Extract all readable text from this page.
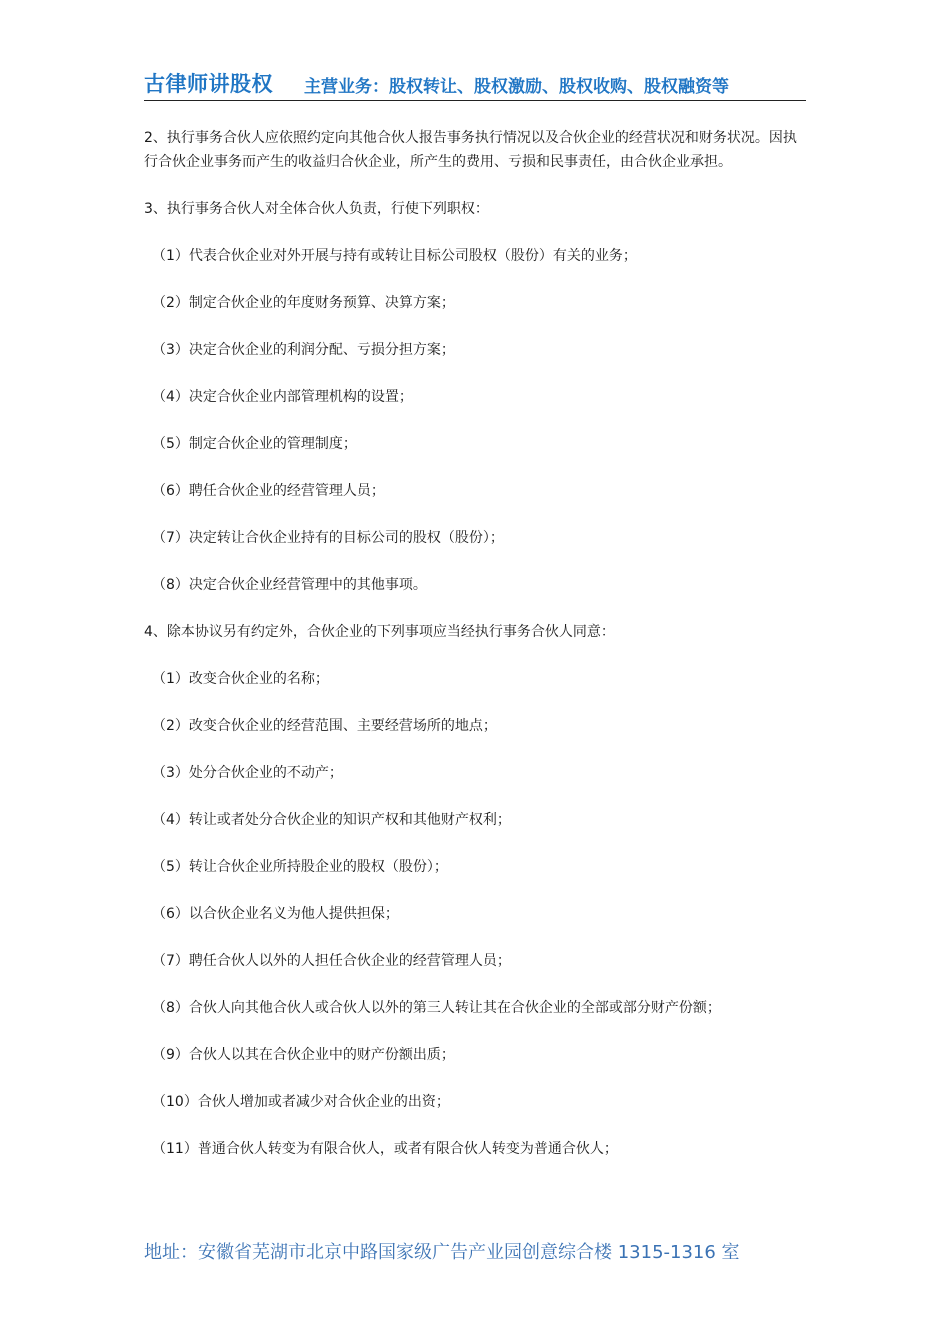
古律师讲股权 主营业务：股权转让、股权激励、股权收购、股权融资等

2、执行事务合伙人应依照约定向其他合伙人报告事务执行情况以及合伙企业的经营状况和财务状况。因执行合伙企业事务而产生的收益归合伙企业，所产生的费用、亏损和民事责任，由合伙企业承担。

3、执行事务合伙人对全体合伙人负责，行使下列职权：

（1）代表合伙企业对外开展与持有或转让目标公司股权（股份）有关的业务；

（2）制定合伙企业的年度财务预算、决算方案；

（3）决定合伙企业的利润分配、亏损分担方案；

（4）决定合伙企业内部管理机构的设置；

（5）制定合伙企业的管理制度；

（6）聘任合伙企业的经营管理人员；

（7）决定转让合伙企业持有的目标公司的股权（股份）；

（8）决定合伙企业经营管理中的其他事项。

4、除本协议另有约定外，合伙企业的下列事项应当经执行事务合伙人同意：

（1）改变合伙企业的名称；

（2）改变合伙企业的经营范围、主要经营场所的地点；

（3）处分合伙企业的不动产；

（4）转让或者处分合伙企业的知识产权和其他财产权利；

（5）转让合伙企业所持股企业的股权（股份）；

（6）以合伙企业名义为他人提供担保；

（7）聘任合伙人以外的人担任合伙企业的经营管理人员；

（8）合伙人向其他合伙人或合伙人以外的第三人转让其在合伙企业的全部或部分财产份额；

（9）合伙人以其在合伙企业中的财产份额出质；

（10）合伙人增加或者减少对合伙企业的出资；

（11）普通合伙人转变为有限合伙人，或者有限合伙人转变为普通合伙人；

地址：安徽省芜湖市北京中路国家级广告产业园创意综合楼 1315-1316 室
